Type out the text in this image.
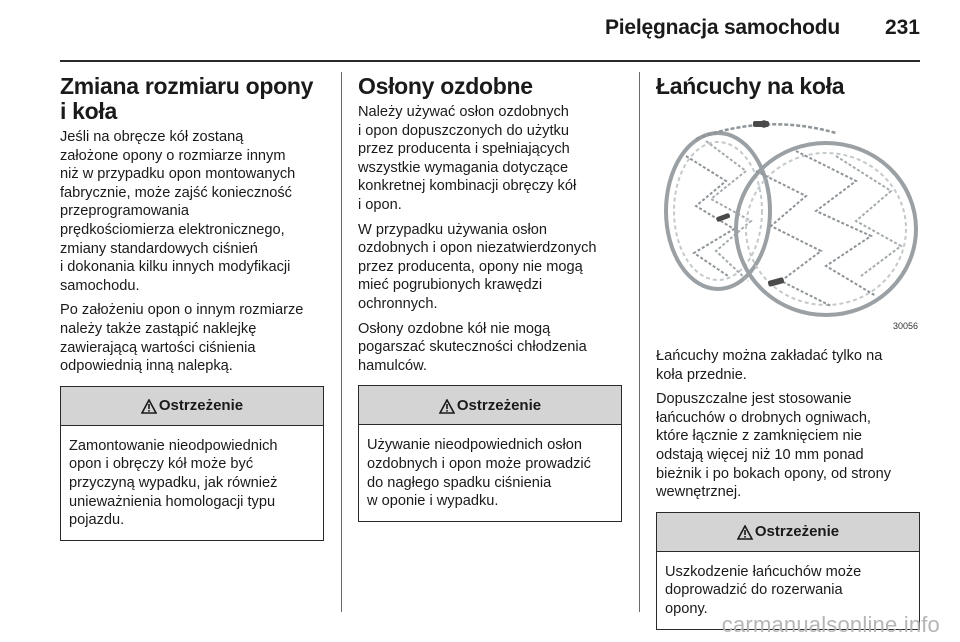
Pielęgnacja samochodu 231
Zmiana rozmiaru opony
i koła

Jeśli na obręcze kół zostaną
założone opony o rozmiarze innym
niż w przypadku opon montowanych
fabrycznie, może zajść konieczność
przeprogramowania
prędkościomierza elektronicznego,
zmiany standardowych ciśnień
i dokonania kilku innych modyfikacji
samochodu.

Po założeniu opon o innym rozmiarze
należy także zastąpić naklejkę
zawierającą wartości ciśnienia
odpowiednią inną nalepką.

Ostrzeżenie
Zamontowanie nieodpowiednich
opon i obręczy kół może być
przyczyną wypadku, jak również
unieważnienia homologacji typu
pojazdu.
Osłony ozdobne

Należy używać osłon ozdobnych
i opon dopuszczonych do użytku
przez producenta i spełniających
wszystkie wymagania dotyczące
konkretnej kombinacji obręczy kół
i opon.

W przypadku używania osłon
ozdobnych i opon niezatwierdzonych
przez producenta, opony nie mogą
mieć pogrubionych krawędzi
ochronnych.

Osłony ozdobne kół nie mogą
pogarszać skuteczności chłodzenia
hamulców.

Ostrzeżenie
Używanie nieodpowiednich osłon
ozdobnych i opon może prowadzić
do nagłego spadku ciśnienia
w oponie i wypadku.
Łańcuchy na koła
30056

Łańcuchy można zakładać tylko na
koła przednie.

Dopuszczalne jest stosowanie
łańcuchów o drobnych ogniwach,
które łącznie z zamknięciem nie
odstają więcej niż 10 mm ponad
bieżnik i po bokach opony, od strony
wewnętrznej.

Ostrzeżenie
Uszkodzenie łańcuchów może
doprowadzić do rozerwania
opony.
carmanualsonline.info
